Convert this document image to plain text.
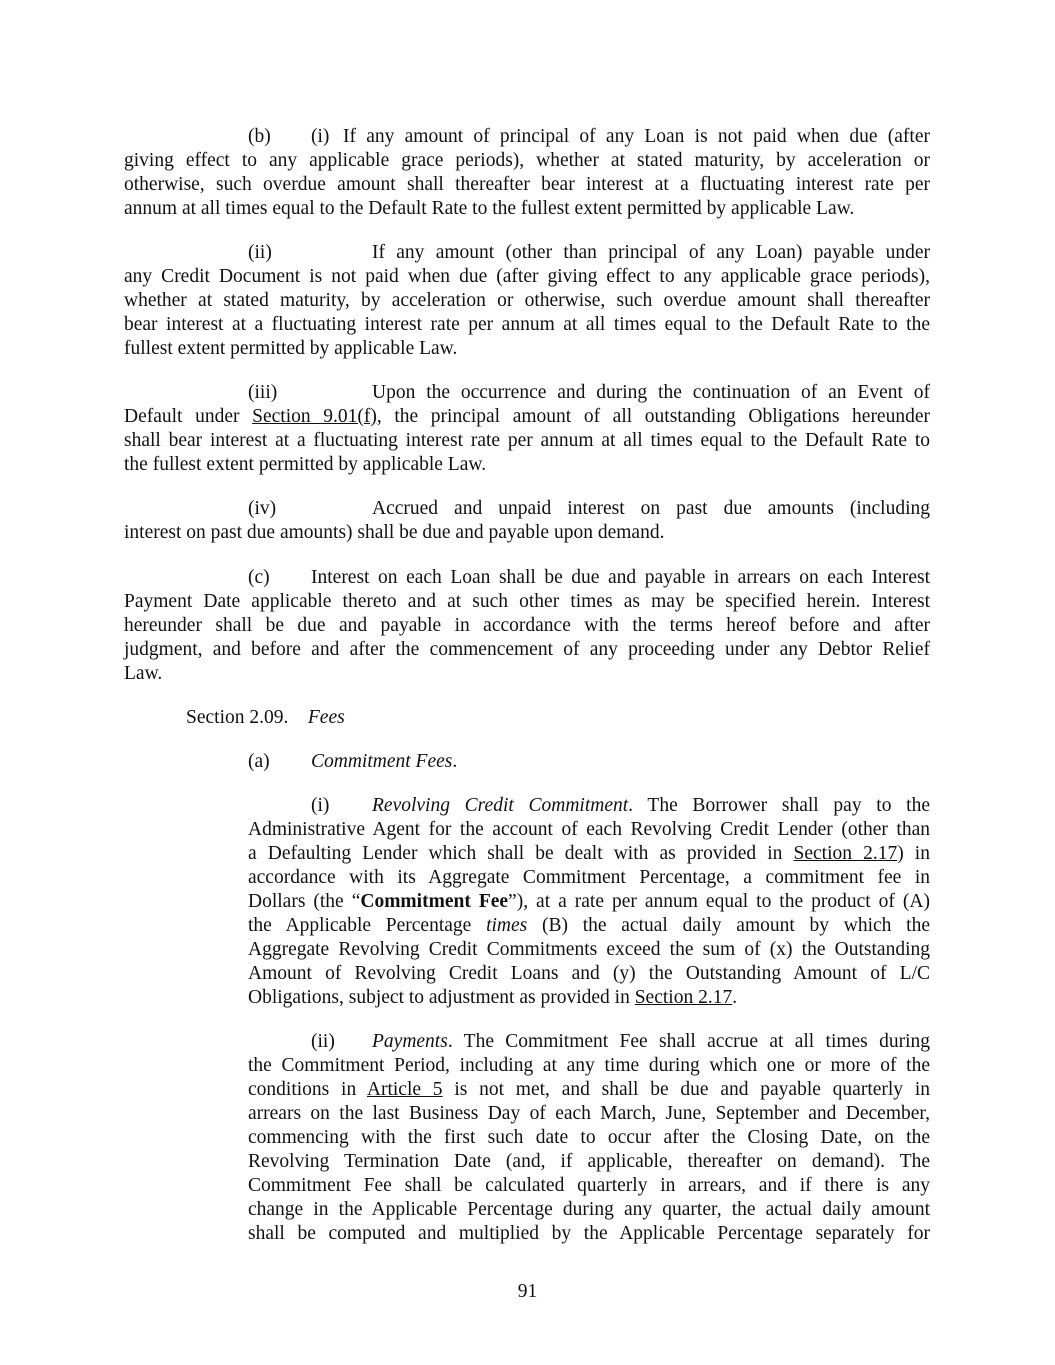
(b) (i) If any amount of principal of any Loan is not paid when due (after
giving effect to any applicable grace periods), whether at stated maturity, by acceleration or
otherwise, such overdue amount shall thereafter bear interest at a fluctuating interest rate per
annum at all times equal to the Default Rate to the fullest extent permitted by applicable Law.
(ii)	If any amount (other than principal of any Loan) payable under
any Credit Document is not paid when due (after giving effect to any applicable grace periods),
whether at stated maturity, by acceleration or otherwise, such overdue amount shall thereafter
bear interest at a fluctuating interest rate per annum at all times equal to the Default Rate to the
fullest extent permitted by applicable Law.
(iii)	Upon the occurrence and during the continuation of an Event of
Default under Section 9.01(f), the principal amount of all outstanding Obligations hereunder
shall bear interest at a fluctuating interest rate per annum at all times equal to the Default Rate to
the fullest extent permitted by applicable Law.
(iv)	Accrued and unpaid interest on past due amounts (including
interest on past due amounts) shall be due and payable upon demand.
(c) Interest on each Loan shall be due and payable in arrears on each Interest
Payment Date applicable thereto and at such other times as may be specified herein. Interest
hereunder shall be due and payable in accordance with the terms hereof before and after
judgment, and before and after the commencement of any proceeding under any Debtor Relief
Law.
Section 2.09. Fees
(a) Commitment Fees.
(i) Revolving Credit Commitment. The Borrower shall pay to the
Administrative Agent for the account of each Revolving Credit Lender (other than
a Defaulting Lender which shall be dealt with as provided in Section 2.17) in
accordance with its Aggregate Commitment Percentage, a commitment fee in
Dollars (the “Commitment Fee”), at a rate per annum equal to the product of (A)
the Applicable Percentage times (B) the actual daily amount by which the
Aggregate Revolving Credit Commitments exceed the sum of (x) the Outstanding
Amount of Revolving Credit Loans and (y) the Outstanding Amount of L/C
Obligations, subject to adjustment as provided in Section 2.17.
(ii) Payments. The Commitment Fee shall accrue at all times during
the Commitment Period, including at any time during which one or more of the
conditions in Article 5 is not met, and shall be due and payable quarterly in
arrears on the last Business Day of each March, June, September and December,
commencing with the first such date to occur after the Closing Date, on the
Revolving Termination Date (and, if applicable, thereafter on demand). The
Commitment Fee shall be calculated quarterly in arrears, and if there is any
change in the Applicable Percentage during any quarter, the actual daily amount
shall be computed and multiplied by the Applicable Percentage separately for
91
